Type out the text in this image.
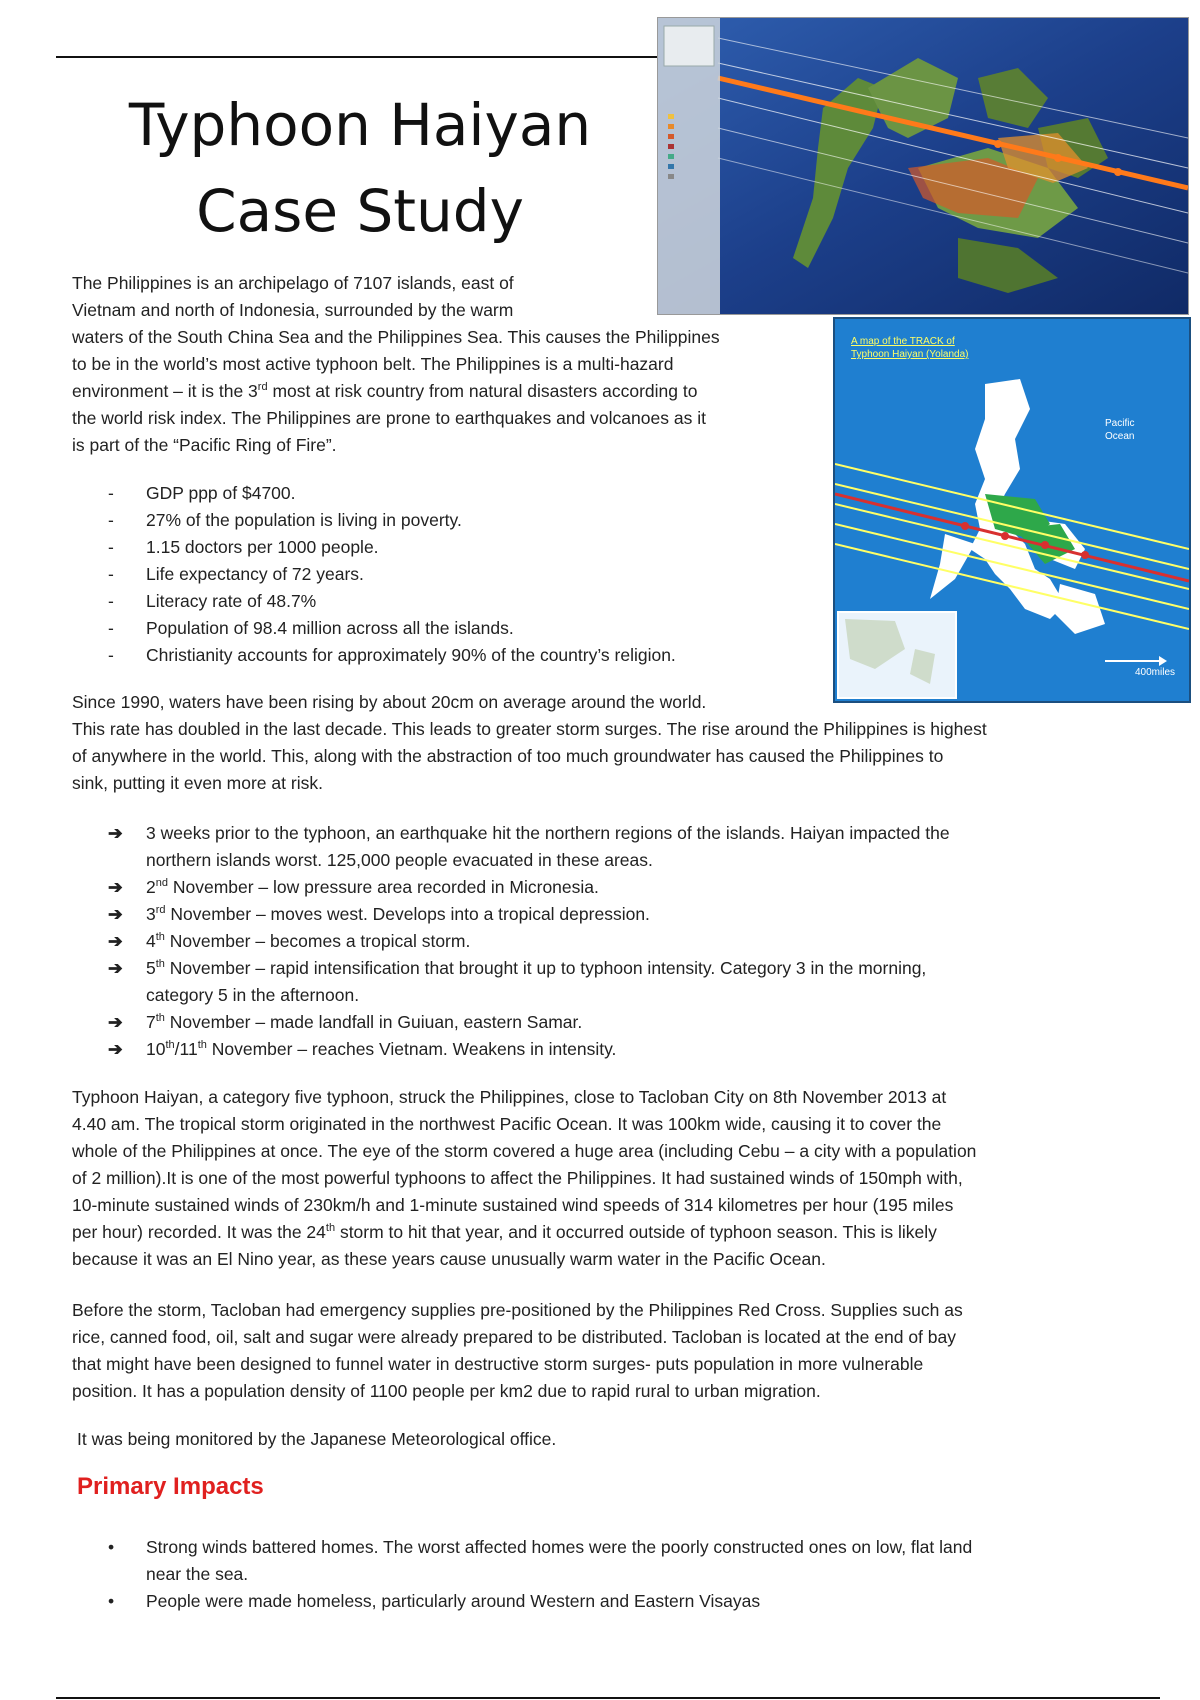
Typhoon Haiyan
Case Study
A map of the TRACK of
Typhoon Haiyan (Yolanda)
Pacific
Ocean
400miles
The Philippines is an archipelago of 7107 islands, east of
Vietnam and north of Indonesia, surrounded by the warm
waters of the South China Sea and the Philippines Sea. This causes the Philippines
to be in the world’s most active typhoon belt. The Philippines is a multi-hazard
environment – it is the 3rd most at risk country from natural disasters according to
the world risk index. The Philippines are prone to earthquakes and volcanoes as it
is part of the “Pacific Ring of Fire”.
- GDP ppp of $4700.
- 27% of the population is living in poverty.
- 1.15 doctors per 1000 people.
- Life expectancy of 72 years.
- Literacy rate of 48.7%
- Population of 98.4 million across all the islands.
- Christianity accounts for approximately 90% of the country’s religion.
Since 1990, waters have been rising by about 20cm on average around the world.
This rate has doubled in the last decade. This leads to greater storm surges. The rise around the Philippines is highest
of anywhere in the world. This, along with the abstraction of too much groundwater has caused the Philippines to
sink, putting it even more at risk.
➔ 3 weeks prior to the typhoon, an earthquake hit the northern regions of the islands. Haiyan impacted the
northern islands worst. 125,000 people evacuated in these areas.
➔ 2nd November – low pressure area recorded in Micronesia.
➔ 3rd November – moves west. Develops into a tropical depression.
➔ 4th November – becomes a tropical storm.
➔ 5th November – rapid intensification that brought it up to typhoon intensity. Category 3 in the morning,
category 5 in the afternoon.
➔ 7th November – made landfall in Guiuan, eastern Samar.
➔ 10th/11th November – reaches Vietnam. Weakens in intensity.
Typhoon Haiyan, a category five typhoon, struck the Philippines, close to Tacloban City on 8th November 2013 at
4.40 am. The tropical storm originated in the northwest Pacific Ocean. It was 100km wide, causing it to cover the
whole of the Philippines at once. The eye of the storm covered a huge area (including Cebu – a city with a population
of 2 million).It is one of the most powerful typhoons to affect the Philippines. It had sustained winds of 150mph with,
10-minute sustained winds of 230km/h and 1-minute sustained wind speeds of 314 kilometres per hour (195 miles
per hour) recorded. It was the 24th storm to hit that year, and it occurred outside of typhoon season. This is likely
because it was an El Nino year, as these years cause unusually warm water in the Pacific Ocean.
Before the storm, Tacloban had emergency supplies pre-positioned by the Philippines Red Cross. Supplies such as
rice, canned food, oil, salt and sugar were already prepared to be distributed. Tacloban is located at the end of bay
that might have been designed to funnel water in destructive storm surges- puts population in more vulnerable
position. It has a population density of 1100 people per km2 due to rapid rural to urban migration.
It was being monitored by the Japanese Meteorological office.
Primary Impacts
• Strong winds battered homes. The worst affected homes were the poorly constructed ones on low, flat land
near the sea.
• People were made homeless, particularly around Western and Eastern Visayas
